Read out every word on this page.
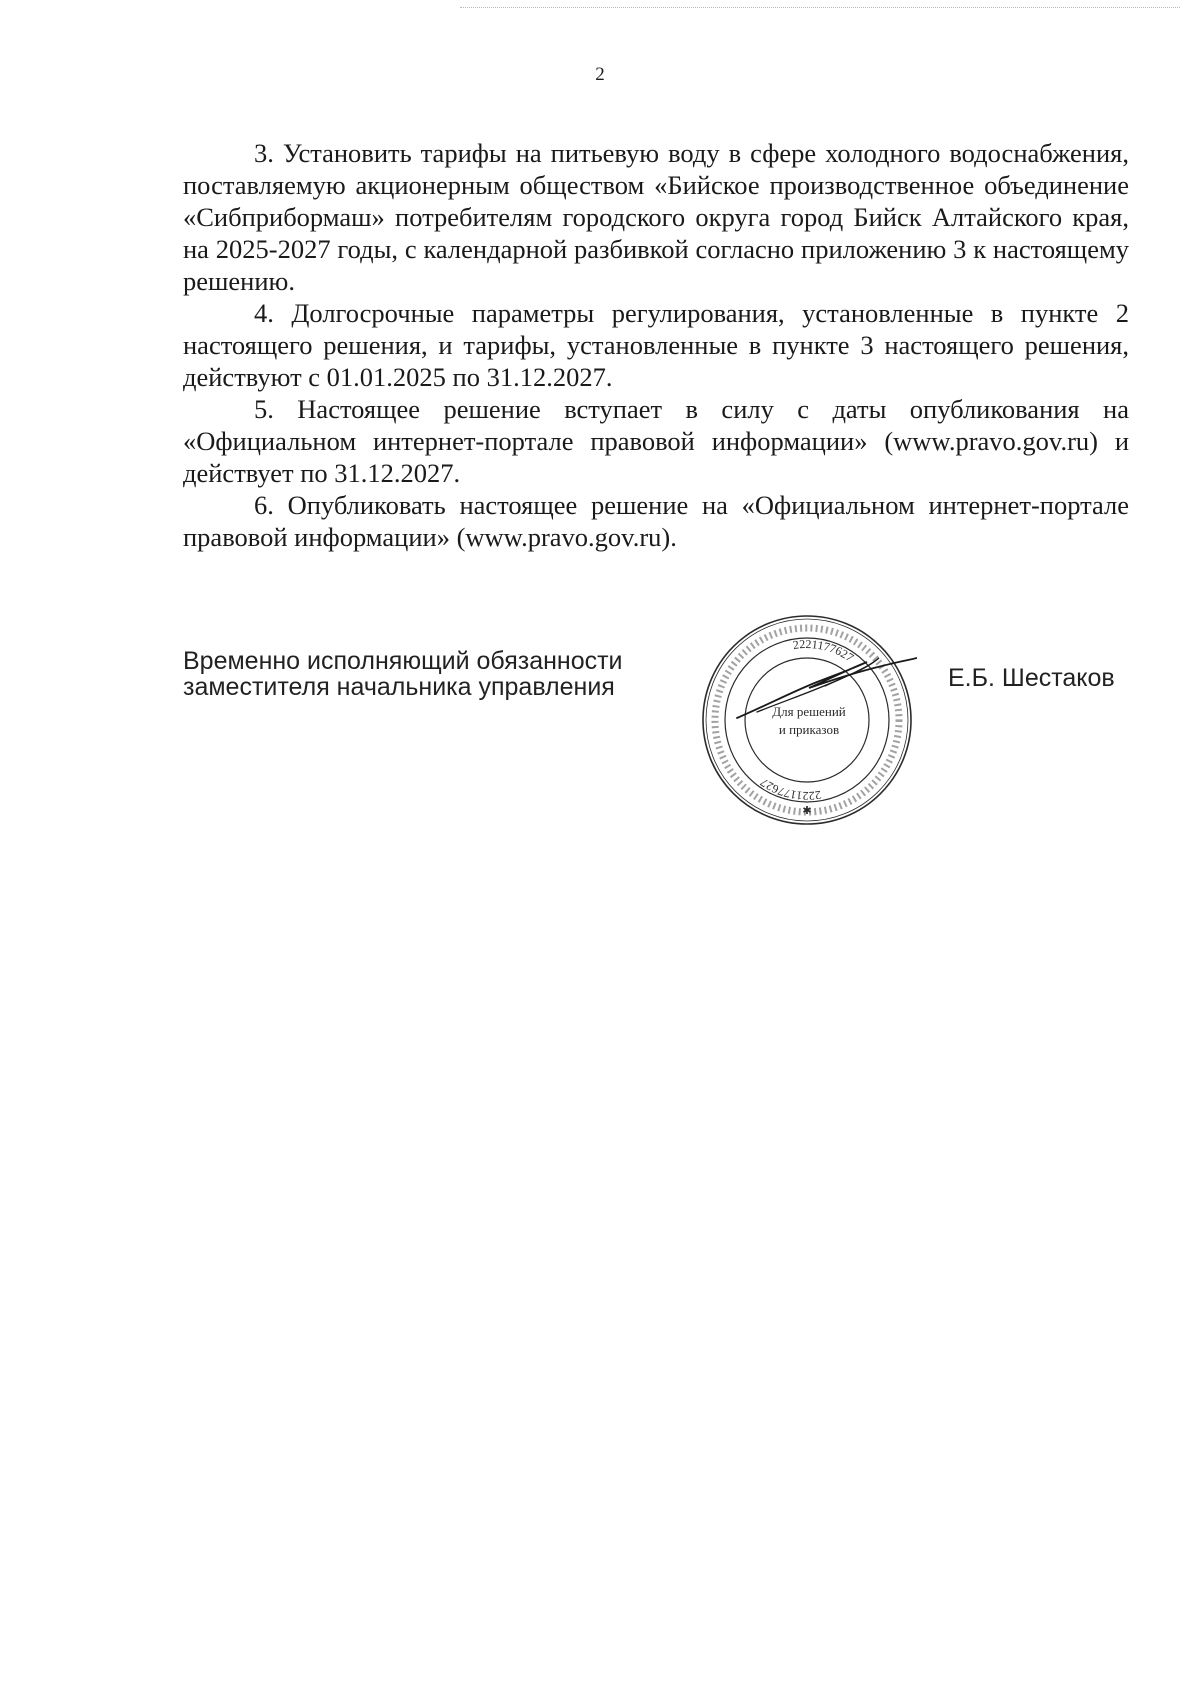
2

3. Установить тарифы на питьевую воду в сфере холодного водоснабжения, поставляемую акционерным обществом «Бийское производственное объединение «Сибприбормаш» потребителям городского округа город Бийск Алтайского края, на 2025-2027 годы, с календарной разбивкой согласно приложению 3 к настоящему решению.

4. Долгосрочные параметры регулирования, установленные в пункте 2 настоящего решения, и тарифы, установленные в пункте 3 настоящего решения, действуют с 01.01.2025 по 31.12.2027.

5. Настоящее решение вступает в силу с даты опубликования на «Официальном интернет-портале правовой информации» (www.pravo.gov.ru) и действует по 31.12.2027.

6. Опубликовать настоящее решение на «Официальном интернет-портале правовой информации» (www.pravo.gov.ru).

Временно исполняющий обязанности
заместителя начальника управления
2221177627
2221177627
Для решений
и приказов
✱
Е.Б. Шестаков
